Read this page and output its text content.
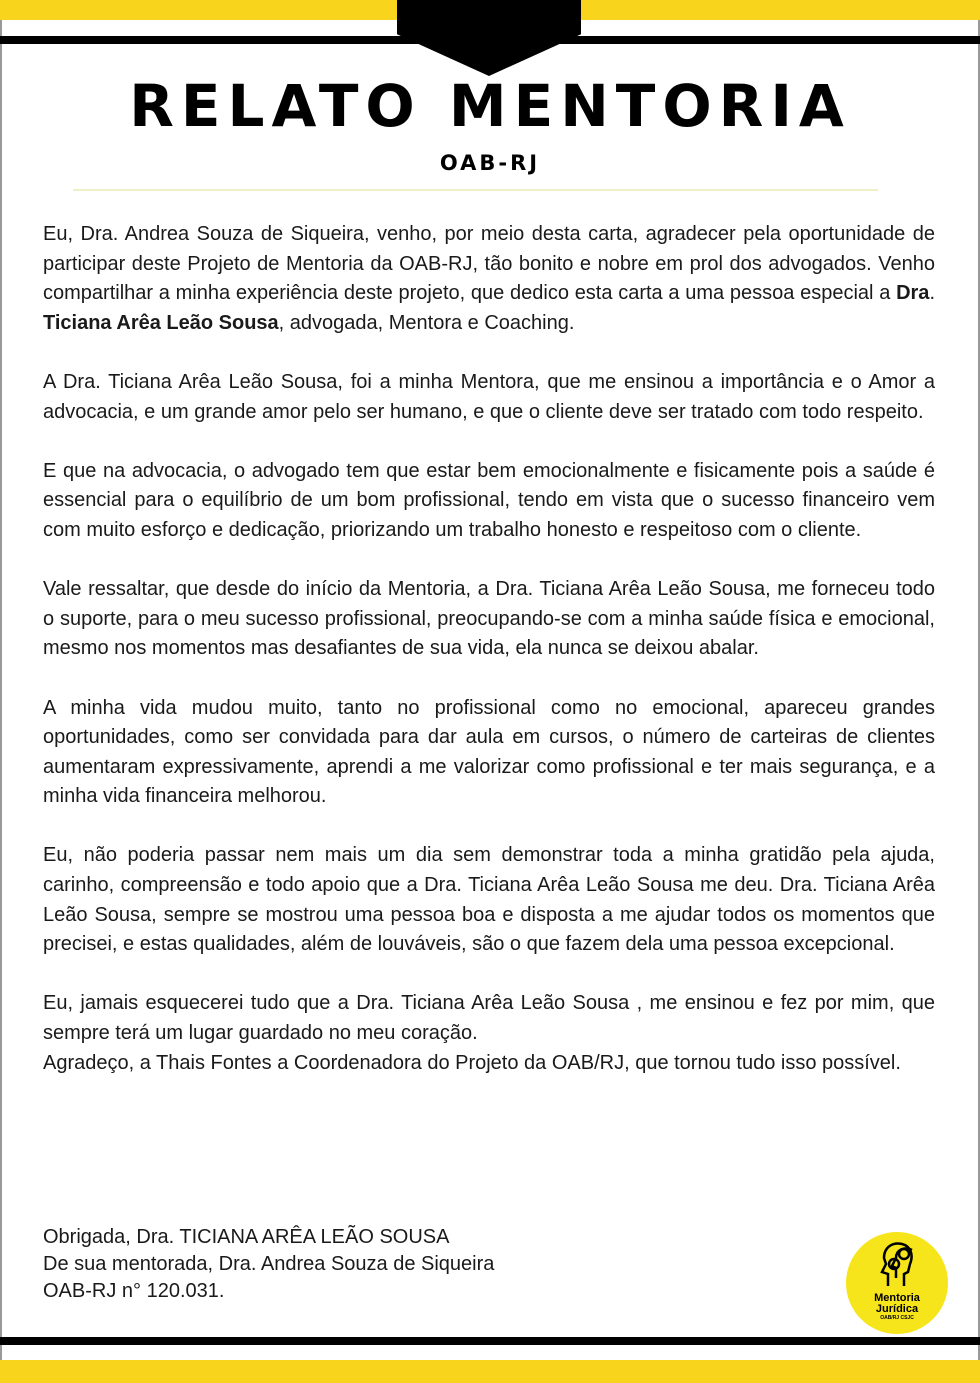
RELATO MENTORIA
OAB-RJ

Eu, Dra. Andrea Souza de Siqueira, venho, por meio desta carta, agradecer pela oportunidade de participar deste Projeto de Mentoria da OAB-RJ, tão bonito e nobre em prol dos advogados. Venho compartilhar a minha experiência deste projeto, que dedico esta carta a uma pessoa especial a Dra. Ticiana Arêa Leão Sousa, advogada, Mentora e Coaching.

A Dra. Ticiana Arêa Leão Sousa, foi a minha Mentora, que me ensinou a importância e o Amor a advocacia, e um grande amor pelo ser humano, e que o cliente deve ser tratado com todo respeito.

E que na advocacia, o advogado tem que estar bem emocionalmente e fisicamente pois a saúde é essencial para o equilíbrio de um bom profissional, tendo em vista que o sucesso financeiro vem com muito esforço e dedicação, priorizando um trabalho honesto e respeitoso com o cliente.

Vale ressaltar, que desde do início da Mentoria, a Dra. Ticiana Arêa Leão Sousa, me forneceu todo o suporte, para o meu sucesso profissional, preocupando-se com a minha saúde física e emocional, mesmo nos momentos mas desafiantes de sua vida, ela nunca se deixou abalar.

A minha vida mudou muito, tanto no profissional como no emocional, apareceu grandes oportunidades, como ser convidada para dar aula em cursos, o número de carteiras de clientes aumentaram expressivamente, aprendi a me valorizar como profissional e ter mais segurança, e a minha vida financeira melhorou.

Eu, não poderia passar nem mais um dia sem demonstrar toda a minha gratidão pela ajuda, carinho, compreensão e todo apoio que a Dra. Ticiana Arêa Leão Sousa me deu. Dra. Ticiana Arêa Leão Sousa, sempre se mostrou uma pessoa boa e disposta a me ajudar todos os momentos que precisei, e estas qualidades, além de louváveis, são o que fazem dela uma pessoa excepcional.

Eu, jamais esquecerei tudo que a Dra. Ticiana Arêa Leão Sousa , me ensinou e fez por mim, que sempre terá um lugar guardado no meu coração.

Agradeço, a Thais Fontes a Coordenadora do Projeto da OAB/RJ, que tornou tudo isso possível.

Obrigada, Dra. TICIANA ARÊA LEÃO SOUSA
De sua mentorada, Dra. Andrea Souza de Siqueira
OAB-RJ n° 120.031.	Mentoria
Jurídica
OAB/RJ CSJC
